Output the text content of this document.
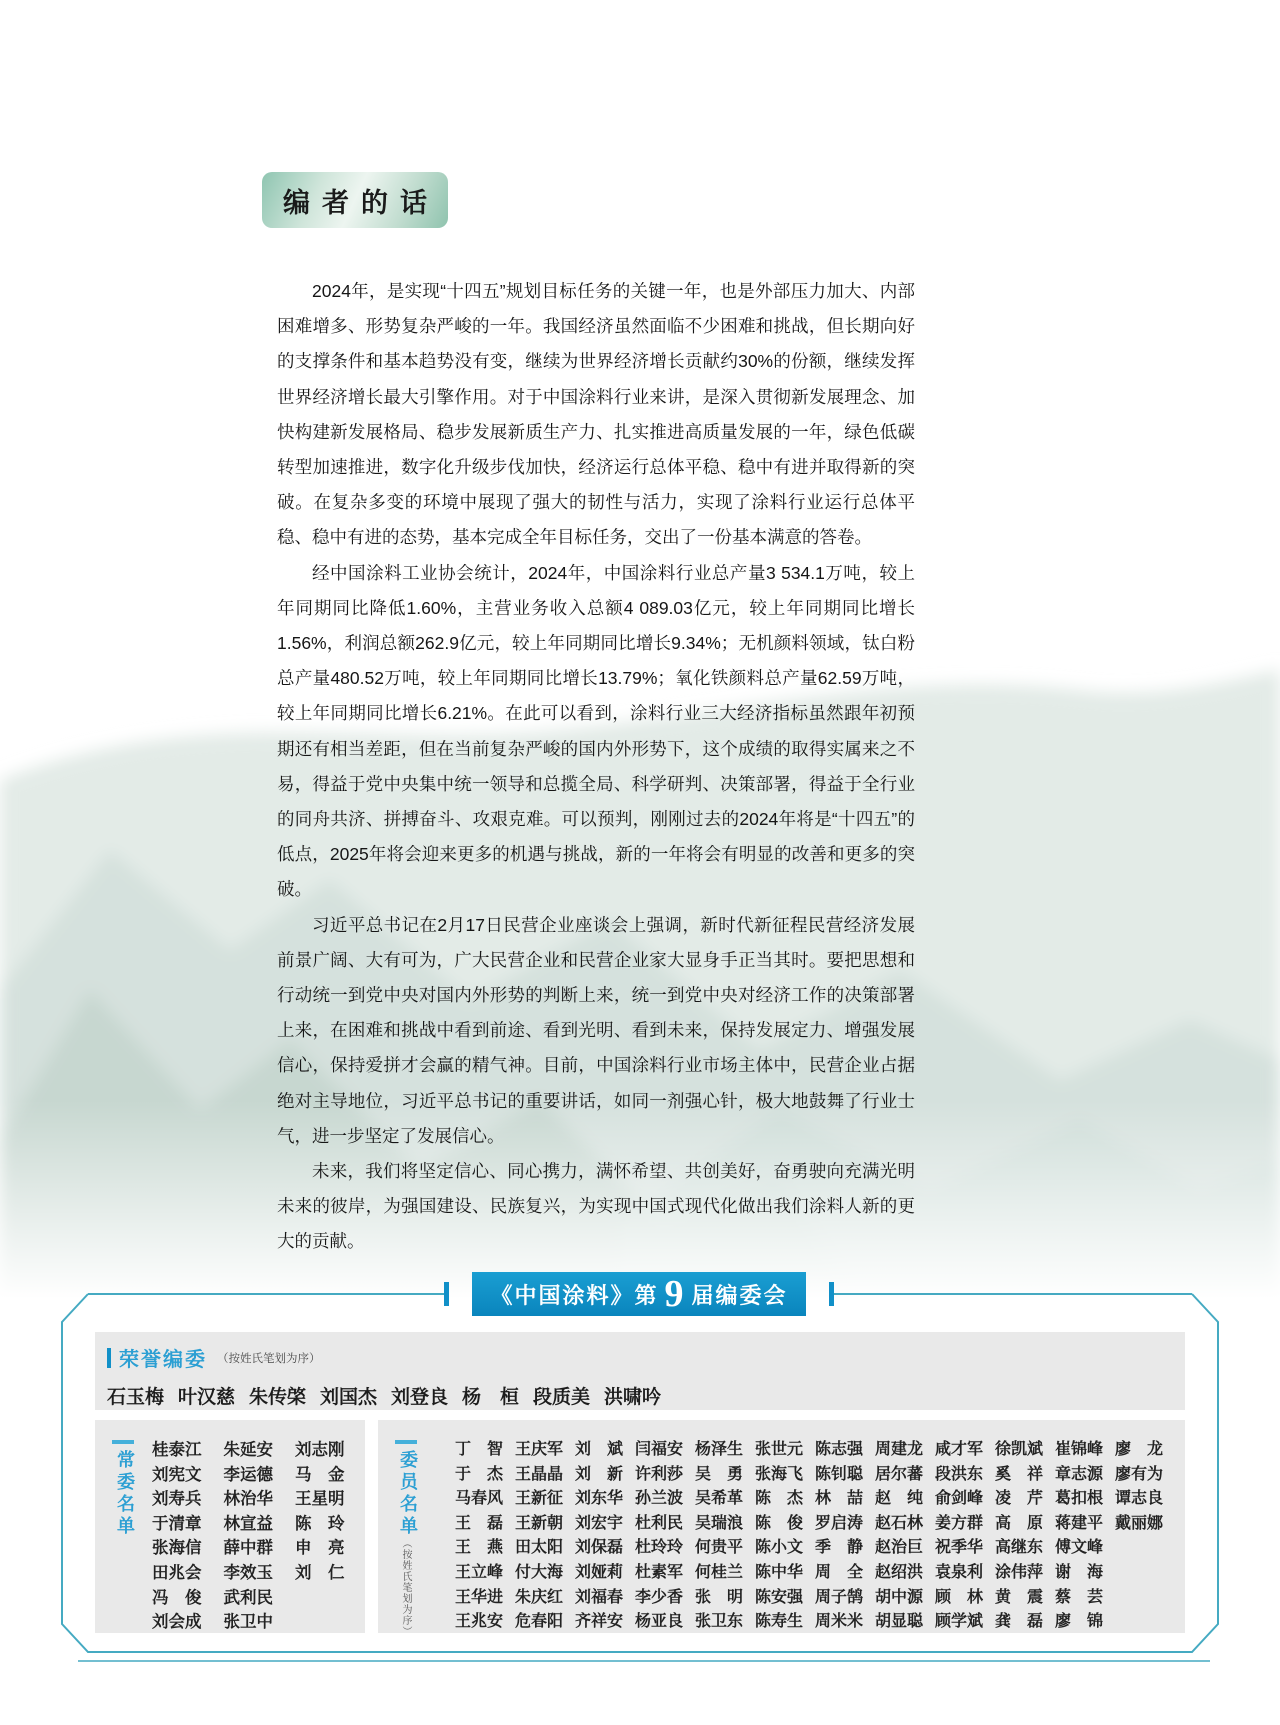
编者的话

2024年，是实现“十四五”规划目标任务的关键一年，也是外部压力加大、内部困难增多、形势复杂严峻的一年。我国经济虽然面临不少困难和挑战，但长期向好的支撑条件和基本趋势没有变，继续为世界经济增长贡献约30%的份额，继续发挥世界经济增长最大引擎作用。对于中国涂料行业来讲，是深入贯彻新发展理念、加快构建新发展格局、稳步发展新质生产力、扎实推进高质量发展的一年，绿色低碳转型加速推进，数字化升级步伐加快，经济运行总体平稳、稳中有进并取得新的突破。在复杂多变的环境中展现了强大的韧性与活力，实现了涂料行业运行总体平稳、稳中有进的态势，基本完成全年目标任务，交出了一份基本满意的答卷。

经中国涂料工业协会统计，2024年，中国涂料行业总产量3 534.1万吨，较上年同期同比降低1.60%，主营业务收入总额4 089.03亿元，较上年同期同比增长1.56%，利润总额262.9亿元，较上年同期同比增长9.34%；无机颜料领域，钛白粉总产量480.52万吨，较上年同期同比增长13.79%；氧化铁颜料总产量62.59万吨，较上年同期同比增长6.21%。在此可以看到，涂料行业三大经济指标虽然跟年初预期还有相当差距，但在当前复杂严峻的国内外形势下，这个成绩的取得实属来之不易，得益于党中央集中统一领导和总揽全局、科学研判、决策部署，得益于全行业的同舟共济、拼搏奋斗、攻艰克难。可以预判，刚刚过去的2024年将是“十四五”的低点，2025年将会迎来更多的机遇与挑战，新的一年将会有明显的改善和更多的突破。

习近平总书记在2月17日民营企业座谈会上强调，新时代新征程民营经济发展前景广阔、大有可为，广大民营企业和民营企业家大显身手正当其时。要把思想和行动统一到党中央对国内外形势的判断上来，统一到党中央对经济工作的决策部署上来，在困难和挑战中看到前途、看到光明、看到未来，保持发展定力、增强发展信心，保持爱拼才会赢的精气神。目前，中国涂料行业市场主体中，民营企业占据绝对主导地位，习近平总书记的重要讲话，如同一剂强心针，极大地鼓舞了行业士气，进一步坚定了发展信心。

未来，我们将坚定信心、同心携力，满怀希望、共创美好，奋勇驶向充满光明未来的彼岸，为强国建设、民族复兴，为实现中国式现代化做出我们涂料人新的更大的贡献。

《中国涂料》第 9 届编委会
荣誉编委 （按姓氏笔划为序）
石玉梅 叶汉慈 朱传棨 刘国杰 刘登良 杨桓 段质美 洪啸吟
常委名单
桂泰江
刘宪文
刘寿兵
于清章
张海信
田兆会
冯俊
刘会成
朱延安
李运德
林治华
林宣益
薛中群
李效玉
武利民
张卫中
刘志刚
马金
王星明
陈玲
申亮
刘仁
委员名单
（按姓氏笔划为序）
丁智
于杰
马春风
王磊
王燕
王立峰
王华进
王兆安
王庆军
王晶晶
王新征
王新朝
田太阳
付大海
朱庆红
危春阳
刘斌
刘新
刘东华
刘宏宇
刘保磊
刘娅莉
刘福春
齐祥安
闫福安
许利莎
孙兰波
杜利民
杜玲玲
杜素军
李少香
杨亚良
杨泽生
吴勇
吴希革
吴瑞浪
何贵平
何桂兰
张明
张卫东
张世元
张海飞
陈杰
陈俊
陈小文
陈中华
陈安强
陈寿生
陈志强
陈钊聪
林喆
罗启涛
季静
周全
周子鹄
周米米
周建龙
居尔蕃
赵纯
赵石林
赵治巨
赵绍洪
胡中源
胡显聪
咸才军
段洪东
俞剑峰
姜方群
祝季华
袁泉利
顾林
顾学斌
徐凯斌
奚祥
凌芹
高原
高继东
涂伟萍
黄震
龚磊
崔锦峰
章志源
葛扣根
蒋建平
傅文峰
谢海
蔡芸
廖锦
廖龙
廖有为
谭志良
戴丽娜
